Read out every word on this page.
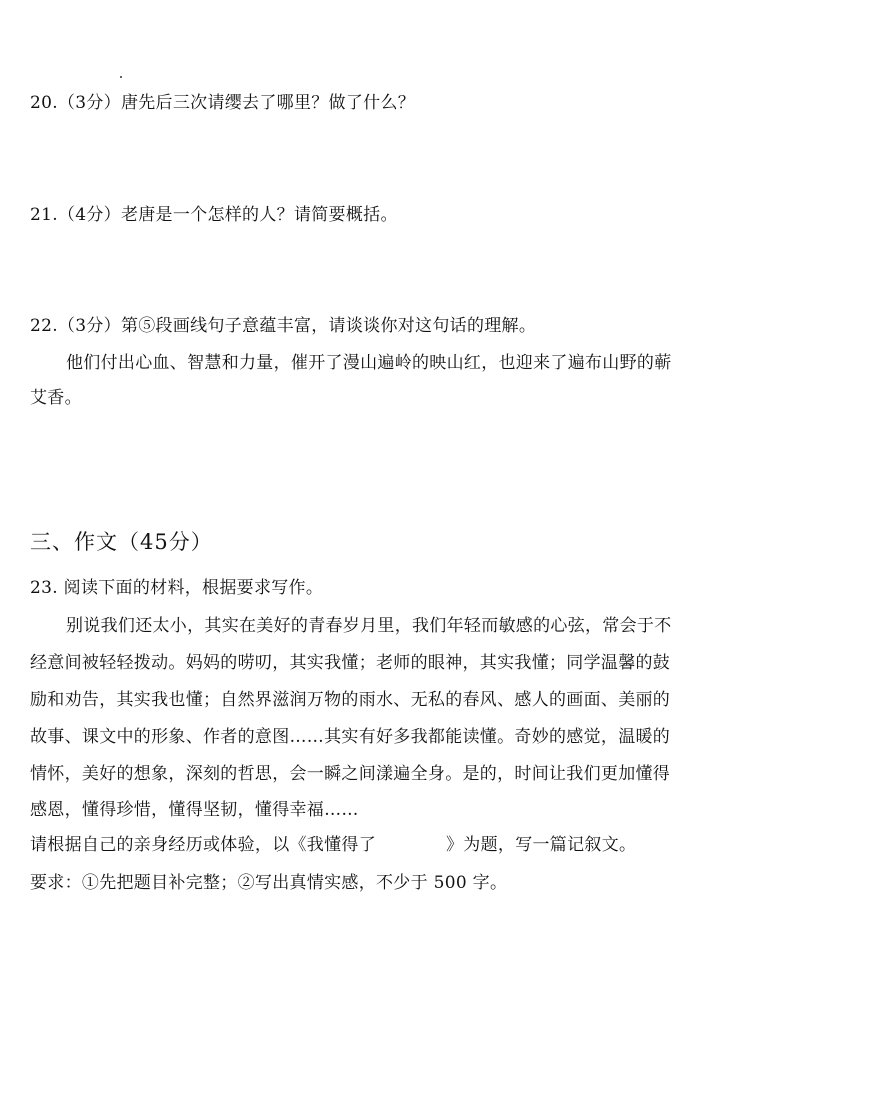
20.（3分）唐先后三次请缨去了哪里？做了什么？
21.（4分）老唐是一个怎样的人？请简要概括。
22.（3分）第⑤段画线句子意蕴丰富，请谈谈你对这句话的理解。
他们付出心血、智慧和力量，催开了漫山遍岭的映山红，也迎来了遍布山野的蕲
艾香。
三、作文（45分）
23. 阅读下面的材料，根据要求写作。
别说我们还太小，其实在美好的青春岁月里，我们年轻而敏感的心弦，常会于不
经意间被轻轻拨动。妈妈的唠叨，其实我懂；老师的眼神，其实我懂；同学温馨的鼓
励和劝告，其实我也懂；自然界滋润万物的雨水、无私的春风、感人的画面、美丽的
故事、课文中的形象、作者的意图……其实有好多我都能读懂。奇妙的感觉，温暖的
情怀，美好的想象，深刻的哲思，会一瞬之间漾遍全身。是的，时间让我们更加懂得
感恩，懂得珍惜，懂得坚韧，懂得幸福……
请根据自己的亲身经历或体验，以《我懂得了	》为题，写一篇记叙文。
要求：①先把题目补完整；②写出真情实感，不少于 500 字。
